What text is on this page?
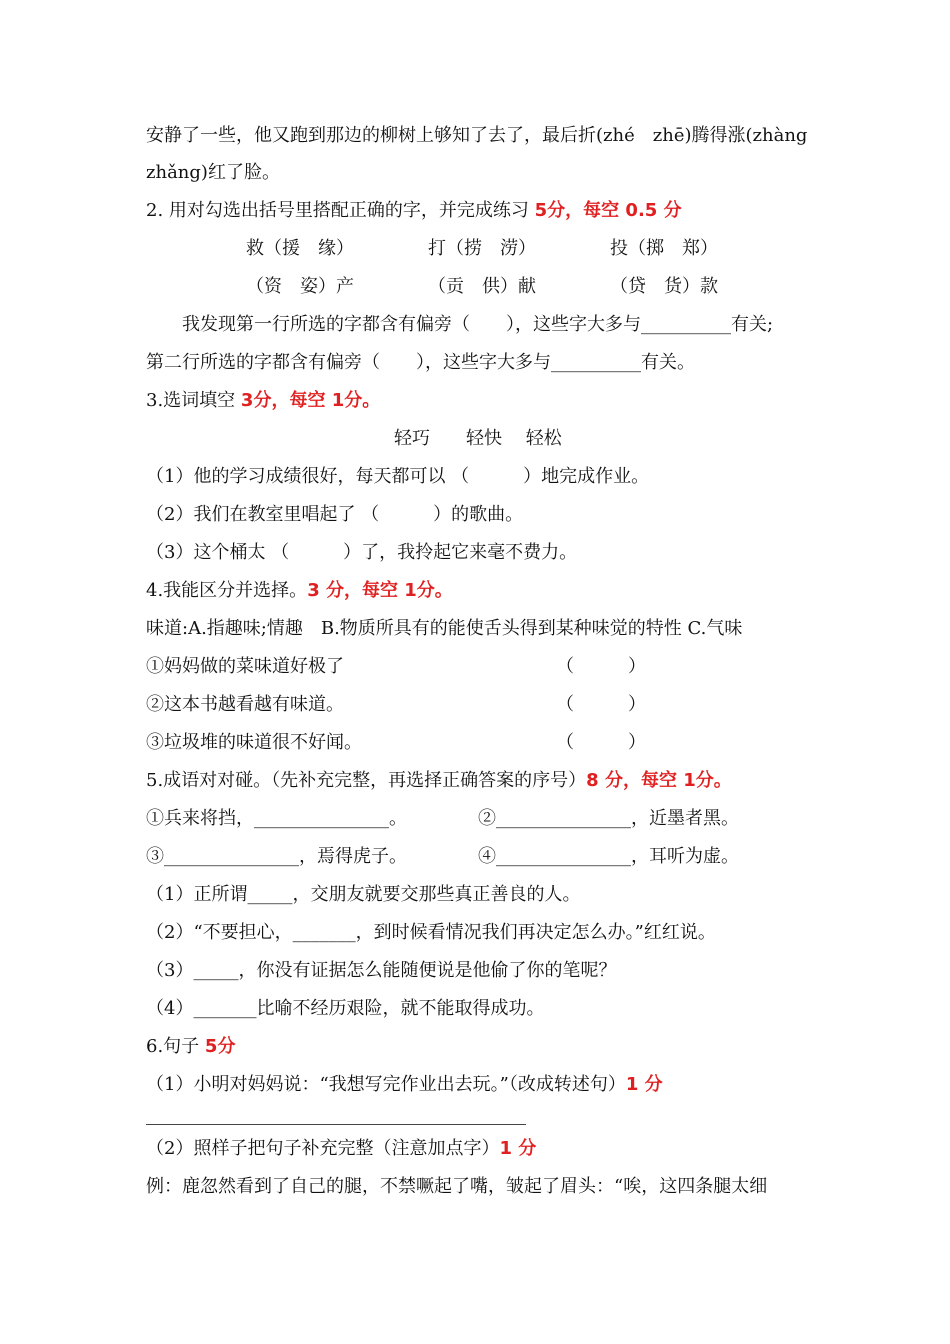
安静了一些，他又跑到那边的柳树上够知了去了，最后折(zhé　zhē)腾得涨(zhàng
zhǎng)红了脸。
2. 用对勾选出括号里搭配正确的字，并完成练习 5分，每空 0.5 分
救（援　缘）	打（捞　涝）	投（掷　郑）
（资　姿）产	（贡　供）献	（贷　货）款
我发现第一行所选的字都含有偏旁（　　），这些字大多与__________有关;
第二行所选的字都含有偏旁（　　），这些字大多与__________有关。
3.选词填空 3分，每空 1分。
轻巧　　轻快　 轻松
（1）他的学习成绩很好，每天都可以 （　　　）地完成作业。
（2）我们在教室里唱起了 （　　　）的歌曲。
（3）这个桶太 （　　　）了，我拎起它来毫不费力。
4.我能区分并选择。3 分，每空 1分。
味道:A.指趣味;情趣　B.物质所具有的能使舌头得到某种味觉的特性 C.气味
①妈妈做的菜味道好极了	（　　　）
②这本书越看越有味道。	（　　　）
③垃圾堆的味道很不好闻。	（　　　）
5.成语对对碰。（先补充完整，再选择正确答案的序号）8 分，每空 1分。
①兵来将挡，_______________。	②_______________，近墨者黑。
③_______________，焉得虎子。	④_______________，耳听为虚。
（1）正所谓_____，交朋友就要交那些真正善良的人。
（2）“不要担心，_______，到时候看情况我们再决定怎么办。”红红说。
（3）_____，你没有证据怎么能随便说是他偷了你的笔呢？
（4）_______比喻不经历艰险，就不能取得成功。
6.句子 5分
（1）小明对妈妈说：“我想写完作业出去玩。”（改成转述句）1 分
（2）照样子把句子补充完整（注意加点字）1 分
例：鹿忽然看到了自己的腿，不禁噘起了嘴，皱起了眉头：“唉，这四条腿太细
